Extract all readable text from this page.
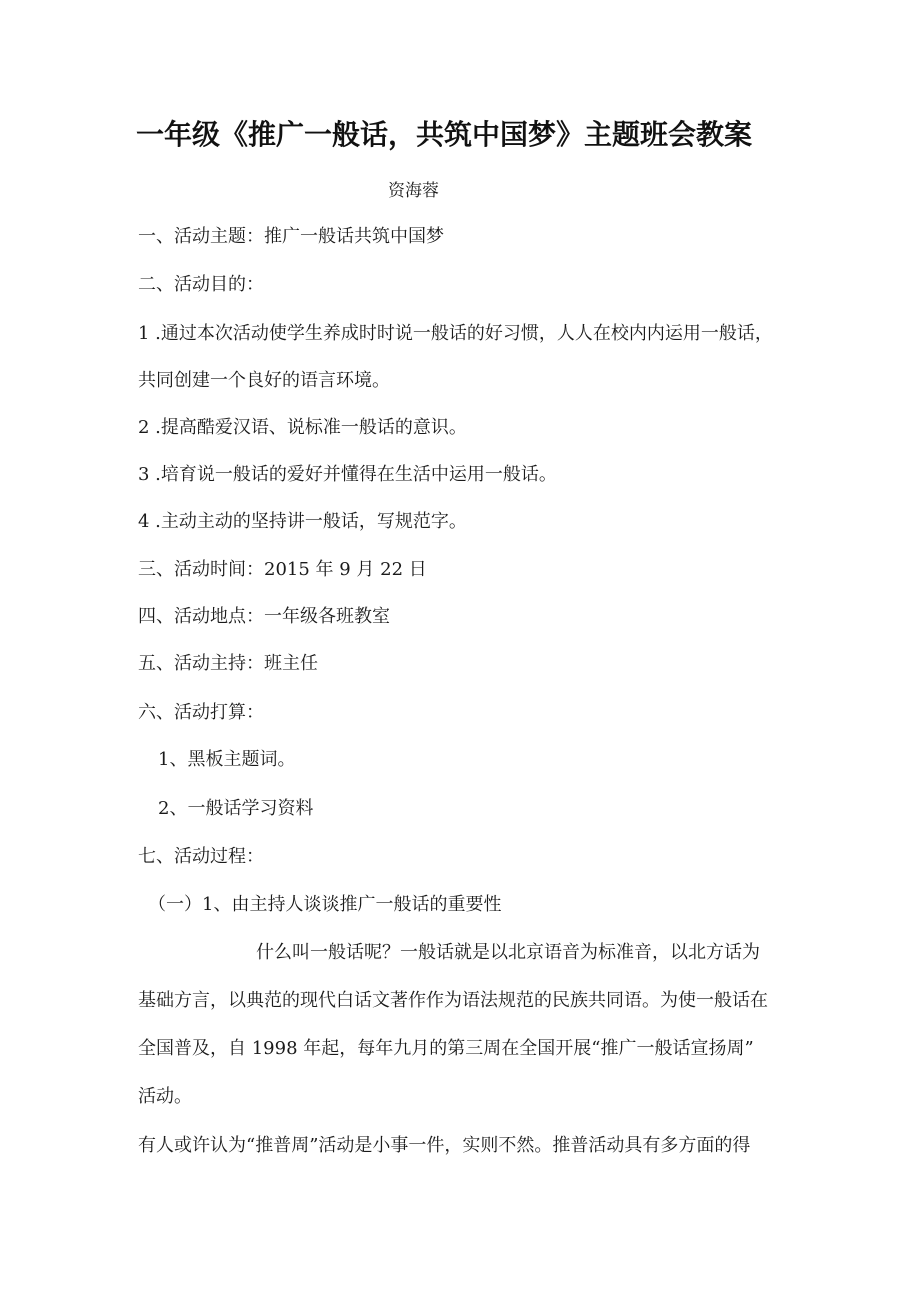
一年级《推广一般话，共筑中国梦》主题班会教案
资海蓉
一、活动主题：推广一般话共筑中国梦
二、活动目的：
1 .通过本次活动使学生养成时时说一般话的好习惯，人人在校内内运用一般话，
共同创建一个良好的语言环境。
2 .提高酷爱汉语、说标准一般话的意识。
3 .培育说一般话的爱好并懂得在生活中运用一般话。
4 .主动主动的坚持讲一般话，写规范字。
三、活动时间：2015 年 9 月 22 日
四、活动地点：一年级各班教室
五、活动主持：班主任
六、活动打算：
1、黑板主题词。
2、一般话学习资料
七、活动过程：
（一）1、由主持人谈谈推广一般话的重要性
什么叫一般话呢？一般话就是以北京语音为标准音，以北方话为
基础方言，以典范的现代白话文著作作为语法规范的民族共同语。为使一般话在
全国普及，自 1998 年起，每年九月的第三周在全国开展“推广一般话宣扬周”
活动。
有人或许认为“推普周”活动是小事一件，实则不然。推普活动具有多方面的得
